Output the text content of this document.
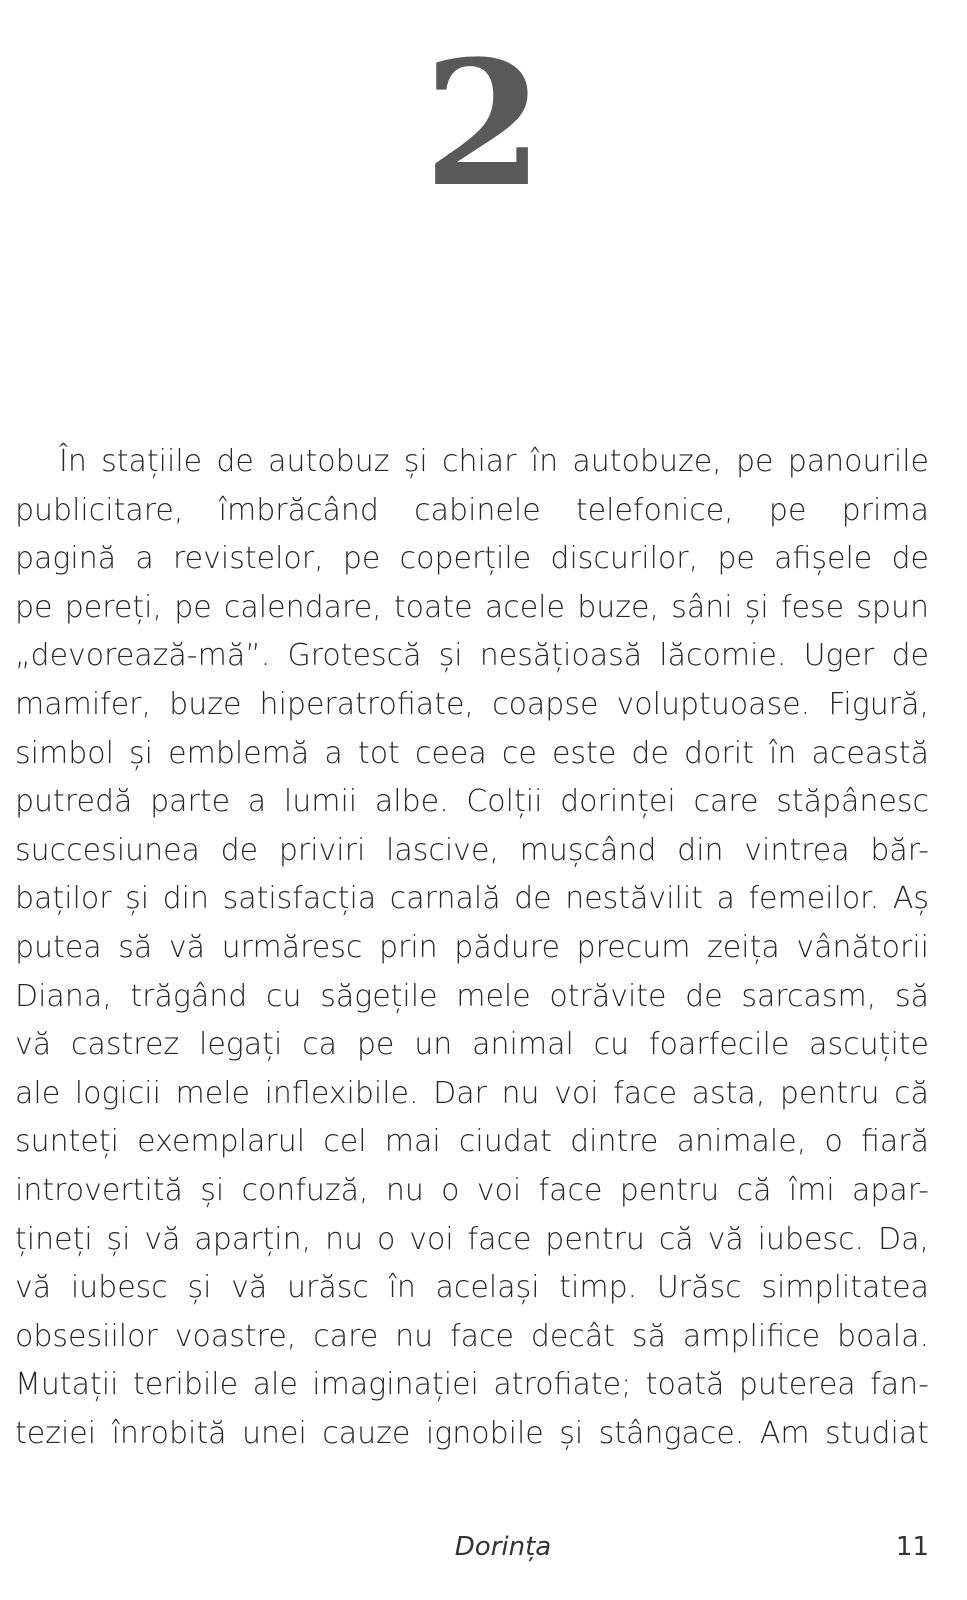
2
În stațiile de autobuz și chiar în autobuze, pe panourile
publicitare, îmbrăcând cabinele telefonice, pe prima
pagină a revistelor, pe coperțile discurilor, pe afișele de
pe pereți, pe calendare, toate acele buze, sâni și fese spun
„devorează-mă”. Grotescă și nesățioasă lăcomie. Uger de
mamifer, buze hiperatrofiate, coapse voluptuoase. Figură,
simbol și emblemă a tot ceea ce este de dorit în această
putredă parte a lumii albe. Colții dorinței care stăpânesc
succesiunea de priviri lascive, mușcând din vintrea băr-
baților și din satisfacția carnală de nestăvilit a femeilor. Aș
putea să vă urmăresc prin pădure precum zeița vânătorii
Diana, trăgând cu săgețile mele otrăvite de sarcasm, să
vă castrez legați ca pe un animal cu foarfecile ascuțite
ale logicii mele inflexibile. Dar nu voi face asta, pentru că
sunteți exemplarul cel mai ciudat dintre animale, o fiară
introvertită și confuză, nu o voi face pentru că îmi apar-
țineți și vă aparțin, nu o voi face pentru că vă iubesc. Da,
vă iubesc și vă urăsc în același timp. Urăsc simplitatea
obsesiilor voastre, care nu face decât să amplifice boala.
Mutații teribile ale imaginației atrofiate; toată puterea fan-
teziei înrobită unei cauze ignobile și stângace. Am studiat
Dorința	11
